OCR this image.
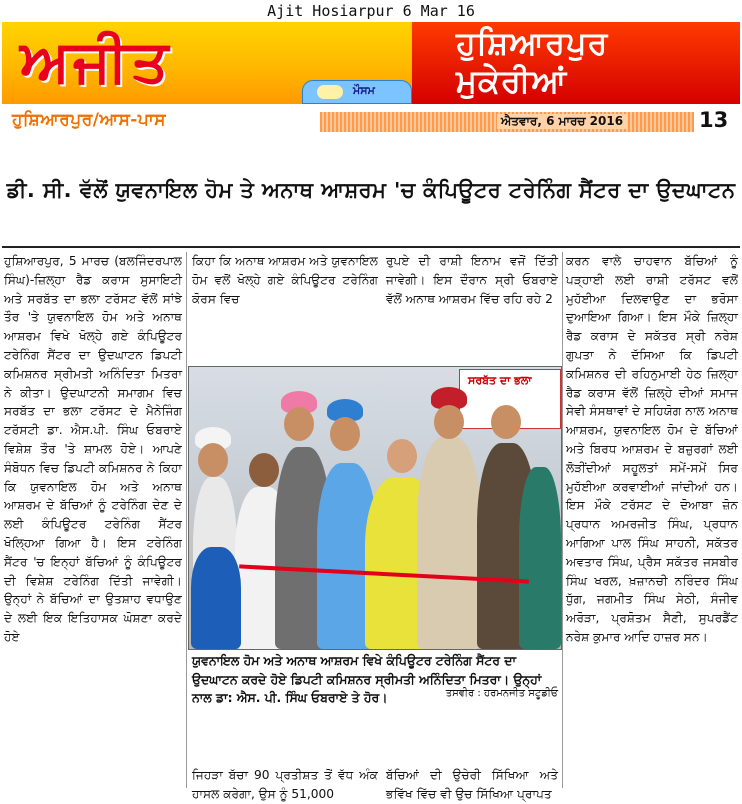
Ajit Hosiarpur 6 Mar 16
ਅਜੀਤ	ਮੌਸਮ
ਹੁਸ਼ਿਆਰਪੁਰ
ਮੁਕੇਰੀਆਂ
ਹੁਸ਼ਿਆਰਪੁਰ/ਆਸ-ਪਾਸ	ਐਤਵਾਰ, 6 ਮਾਰਚ 2016	13
ਡੀ. ਸੀ. ਵੱਲੋਂ ਯੁਵਨਾਇਲ ਹੋਮ ਤੇ ਅਨਾਥ ਆਸ਼ਰਮ 'ਚ ਕੰਪਿਊਟਰ ਟਰੇਨਿੰਗ ਸੈਂਟਰ ਦਾ ਉਦਘਾਟਨ

ਹੁਸ਼ਿਆਰਪੁਰ, 5 ਮਾਰਚ (ਬਲਜਿੰਦਰਪਾਲ ਸਿੰਘ)-ਜ਼ਿਲ੍ਹਾ ਰੈਡ ਕਰਾਸ ਸੁਸਾਇਟੀ ਅਤੇ ਸਰਬੱਤ ਦਾ ਭਲਾ ਟਰੱਸਟ ਵੱਲੋਂ ਸਾਂਝੇ ਤੌਰ 'ਤੇ ਯੁਵਨਾਇਲ ਹੋਮ ਅਤੇ ਅਨਾਥ ਆਸ਼ਰਮ ਵਿਖੇ ਖੋਲ੍ਹੇ ਗਏ ਕੰਪਿਊਟਰ ਟਰੇਨਿੰਗ ਸੈਂਟਰ ਦਾ ਉਦਘਾਟਨ ਡਿਪਟੀ ਕਮਿਸ਼ਨਰ ਸ੍ਰੀਮਤੀ ਅਨਿੰਦਿਤਾ ਮਿਤਰਾ ਨੇ ਕੀਤਾ। ਉਦਘਾਟਨੀ ਸਮਾਗਮ ਵਿਚ ਸਰਬੱਤ ਦਾ ਭਲਾ ਟਰੱਸਟ ਦੇ ਮੈਨੇਜਿੰਗ ਟਰੱਸਟੀ ਡਾ. ਐਸ.ਪੀ. ਸਿੰਘ ਓਬਰਾਏ ਵਿਸ਼ੇਸ਼ ਤੌਰ 'ਤੇ ਸ਼ਾਮਲ ਹੋਏ। ਆਪਣੇ ਸੰਬੋਧਨ ਵਿਚ ਡਿਪਟੀ ਕਮਿਸ਼ਨਰ ਨੇ ਕਿਹਾ ਕਿ ਯੁਵਨਾਇਲ ਹੋਮ ਅਤੇ ਅਨਾਥ ਆਸ਼ਰਮ ਦੇ ਬੱਚਿਆਂ ਨੂੰ ਟਰੇਨਿੰਗ ਦੇਣ ਦੇ ਲਈ ਕੰਪਿਊਟਰ ਟਰੇਨਿੰਗ ਸੈਂਟਰ ਖੋਲ੍ਹਿਆ ਗਿਆ ਹੈ। ਇਸ ਟਰੇਨਿੰਗ ਸੈਂਟਰ 'ਚ ਇਨ੍ਹਾਂ ਬੱਚਿਆਂ ਨੂੰ ਕੰਪਿਊਟਰ ਦੀ ਵਿਸ਼ੇਸ਼ ਟਰੇਨਿੰਗ ਦਿੱਤੀ ਜਾਵੇਗੀ। ਉਨ੍ਹਾਂ ਨੇ ਬੱਚਿਆਂ ਦਾ ਉਤਸ਼ਾਹ ਵਧਾਉਣ ਦੇ ਲਈ ਇਕ ਇਤਿਹਾਸਕ ਘੋਸ਼ਣਾ ਕਰਦੇ ਹੋਏ

ਕਿਹਾ ਕਿ ਅਨਾਥ ਆਸ਼ਰਮ ਅਤੇ ਯੁਵਨਾਇਲ ਹੋਮ ਵਲੋਂ ਖੋਲ੍ਹੇ ਗਏ ਕੰਪਿਊਟਰ ਟਰੇਨਿੰਗ ਕੋਰਸ ਵਿਚ

ਰੁਪਏ ਦੀ ਰਾਸ਼ੀ ਇਨਾਮ ਵਜੋਂ ਦਿੱਤੀ ਜਾਵੇਗੀ। ਇਸ ਦੌਰਾਨ ਸ੍ਰੀ ਓਬਰਾਏ ਵੱਲੋਂ ਅਨਾਥ ਆਸ਼ਰਮ ਵਿੱਚ ਰਹਿ ਰਹੇ 2

ਕਰਨ ਵਾਲੇ ਚਾਹਵਾਨ ਬੱਚਿਆਂ ਨੂੰ ਪੜ੍ਹਾਈ ਲਈ ਰਾਸ਼ੀ ਟਰੱਸਟ ਵਲੋਂ ਮੁਹੱਈਆ ਦਿਲਵਾਉਣ ਦਾ ਭਰੋਸਾ ਦੁਆਇਆ ਗਿਆ। ਇਸ ਮੌਕੇ ਜ਼ਿਲ੍ਹਾ ਰੈਡ ਕਰਾਸ ਦੇ ਸਕੱਤਰ ਸ੍ਰੀ ਨਰੇਸ਼ ਗੁਪਤਾ ਨੇ ਦੱਸਿਆ ਕਿ ਡਿਪਟੀ ਕਮਿਸ਼ਨਰ ਦੀ ਰਹਿਨੁਮਾਈ ਹੇਠ ਜ਼ਿਲ੍ਹਾ ਰੈਡ ਕਰਾਸ ਵੱਲੋਂ ਜ਼ਿਲ੍ਹੇ ਦੀਆਂ ਸਮਾਜ ਸੇਵੀ ਸੰਸਥਾਵਾਂ ਦੇ ਸਹਿਯੋਗ ਨਾਲ ਅਨਾਥ ਆਸ਼ਰਮ, ਯੁਵਨਾਇਲ ਹੋਮ ਦੇ ਬੱਚਿਆਂ ਅਤੇ ਬਿਰਧ ਆਸ਼ਰਮ ਦੇ ਬਜ਼ੁਰਗਾਂ ਲਈ ਲੋੜੀਂਦੀਆਂ ਸਹੂਲਤਾਂ ਸਮੇਂ-ਸਮੇਂ ਸਿਰ ਮੁਹੱਈਆ ਕਰਵਾਈਆਂ ਜਾਂਦੀਆਂ ਹਨ। ਇਸ ਮੌਕੇ ਟਰੱਸਟ ਦੇ ਦੋਆਬਾ ਜ਼ੋਨ ਪ੍ਰਧਾਨ ਅਮਰਜੀਤ ਸਿੰਘ, ਪ੍ਰਧਾਨ ਆਗਿਆ ਪਾਲ ਸਿੰਘ ਸਾਹਨੀ, ਸਕੱਤਰ ਅਵਤਾਰ ਸਿੰਘ, ਪ੍ਰੈਸ ਸਕੱਤਰ ਜਸਬੀਰ ਸਿੰਘ ਖਰਲ, ਖ਼ਜ਼ਾਨਚੀ ਨਰਿੰਦਰ ਸਿੰਘ ਧੁੱਗ, ਜਗਮੀਤ ਸਿੰਘ ਸੇਠੀ, ਸੰਜੀਵ ਅਰੋੜਾ, ਪ੍ਰਸ਼ੋਤਮ ਸੈਣੀ, ਸੁਪਰਡੈਂਟ ਨਰੇਸ਼ ਕੁਮਾਰ ਆਦਿ ਹਾਜ਼ਰ ਸਨ।

ਸਰਬੱਤ ਦਾ ਭਲਾ
ਯੁਵਨਾਇਲ ਹੋਮ ਅਤੇ ਅਨਾਥ ਆਸ਼ਰਮ ਵਿਖੇ ਕੰਪਿਊਟਰ ਟਰੇਨਿੰਗ ਸੈਂਟਰ ਦਾ ਉਦਘਾਟਨ ਕਰਦੇ ਹੋਏ ਡਿਪਟੀ ਕਮਿਸ਼ਨਰ ਸ੍ਰੀਮਤੀ ਅਨਿੰਦਿਤਾ ਮਿਤਰਾ। ਉਨ੍ਹਾਂ ਨਾਲ ਡਾ: ਐਸ. ਪੀ. ਸਿੰਘ ਓਬਰਾਏ ਤੇ ਹੋਰ।	ਤਸਵੀਰ : ਹਰਮਨਜੀਤ ਸਟੂਡੀਓ

ਜਿਹੜਾ ਬੱਚਾ 90 ਪ੍ਰਤੀਸ਼ਤ ਤੋਂ ਵੱਧ ਅੰਕ ਹਾਸਲ ਕਰੇਗਾ, ਉਸ ਨੂੰ 51,000

ਬੱਚਿਆਂ ਦੀ ਉਚੇਰੀ ਸਿੱਖਿਆ ਅਤੇ ਭਵਿੱਖ ਵਿੱਚ ਵੀ ਉਚ ਸਿੱਖਿਆ ਪ੍ਰਾਪਤ
